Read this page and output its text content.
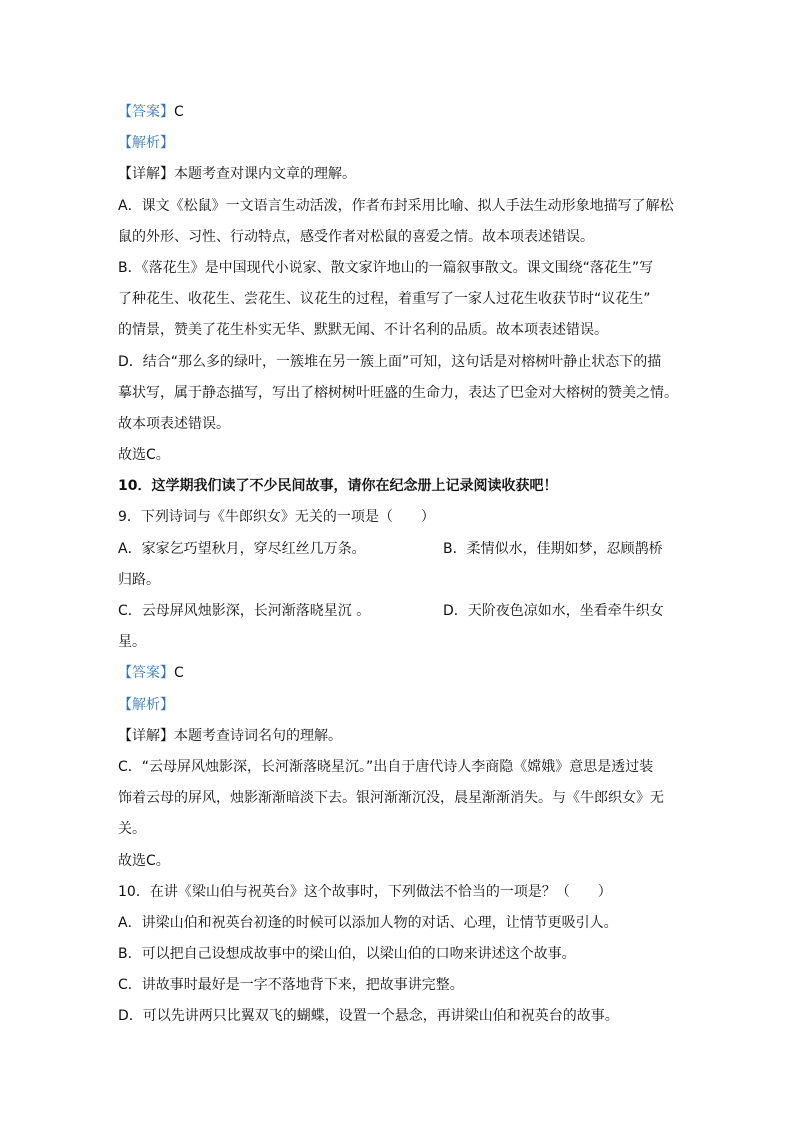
【答案】C
【解析】
【详解】本题考查对课内文章的理解。
A．课文《松鼠》一文语言生动活泼，作者布封采用比喻、拟人手法生动形象地描写了解松
鼠的外形、习性、行动特点，感受作者对松鼠的喜爱之情。故本项表述错误。
B．《落花生》是中国现代小说家、散文家许地山的一篇叙事散文。课文围绕“落花生”写
了种花生、收花生、尝花生、议花生的过程，着重写了一家人过花生收获节时“议花生”
的情景，赞美了花生朴实无华、默默无闻、不计名利的品质。故本项表述错误。
D．结合“那么多的绿叶，一簇堆在另一簇上面”可知，这句话是对榕树叶静止状态下的描
摹状写，属于静态描写，写出了榕树树叶旺盛的生命力，表达了巴金对大榕树的赞美之情。
故本项表述错误。
故选C。
10．这学期我们读了不少民间故事，请你在纪念册上记录阅读收获吧！
9．下列诗词与《牛郎织女》无关的一项是（　　）
A．家家乞巧望秋月，穿尽红丝几万条。	B．柔情似水，佳期如梦，忍顾鹊桥
归路。
C．云母屏风烛影深，长河渐落晓星沉 。	D．天阶夜色凉如水，坐看牵牛织女
星。
【答案】C
【解析】
【详解】本题考查诗词名句的理解。
C．“云母屏风烛影深，长河渐落晓星沉。”出自于唐代诗人李商隐《嫦娥》意思是透过装
饰着云母的屏风，烛影渐渐暗淡下去。银河渐渐沉没，晨星渐渐消失。与《牛郎织女》无
关。
故选C。
10．在讲《梁山伯与祝英台》这个故事时，下列做法不恰当的一项是？（　　）
A．讲梁山伯和祝英台初逢的时候可以添加人物的对话、心理，让情节更吸引人。
B．可以把自己设想成故事中的梁山伯，以梁山伯的口吻来讲述这个故事。
C．讲故事时最好是一字不落地背下来，把故事讲完整。
D．可以先讲两只比翼双飞的蝴蝶，设置一个悬念，再讲梁山伯和祝英台的故事。
